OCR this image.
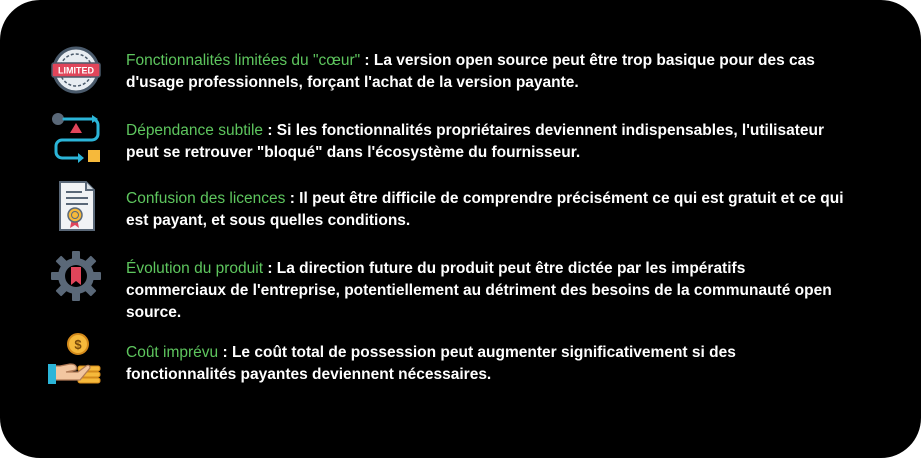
LIMITED
Fonctionnalités limitées du "cœur" : La version open source peut être trop basique pour des cas d'usage professionnels, forçant l'achat de la version payante.
Dépendance subtile : Si les fonctionnalités propriétaires deviennent indispensables, l'utilisateur peut se retrouver "bloqué" dans l'écosystème du fournisseur.
Confusion des licences : Il peut être difficile de comprendre précisément ce qui est gratuit et ce qui est payant, et sous quelles conditions.
Évolution du produit : La direction future du produit peut être dictée par les impératifs commerciaux de l'entreprise, potentiellement au détriment des besoins de la communauté open source.
$	Coût imprévu : Le coût total de possession peut augmenter significativement si des fonctionnalités payantes deviennent nécessaires.
